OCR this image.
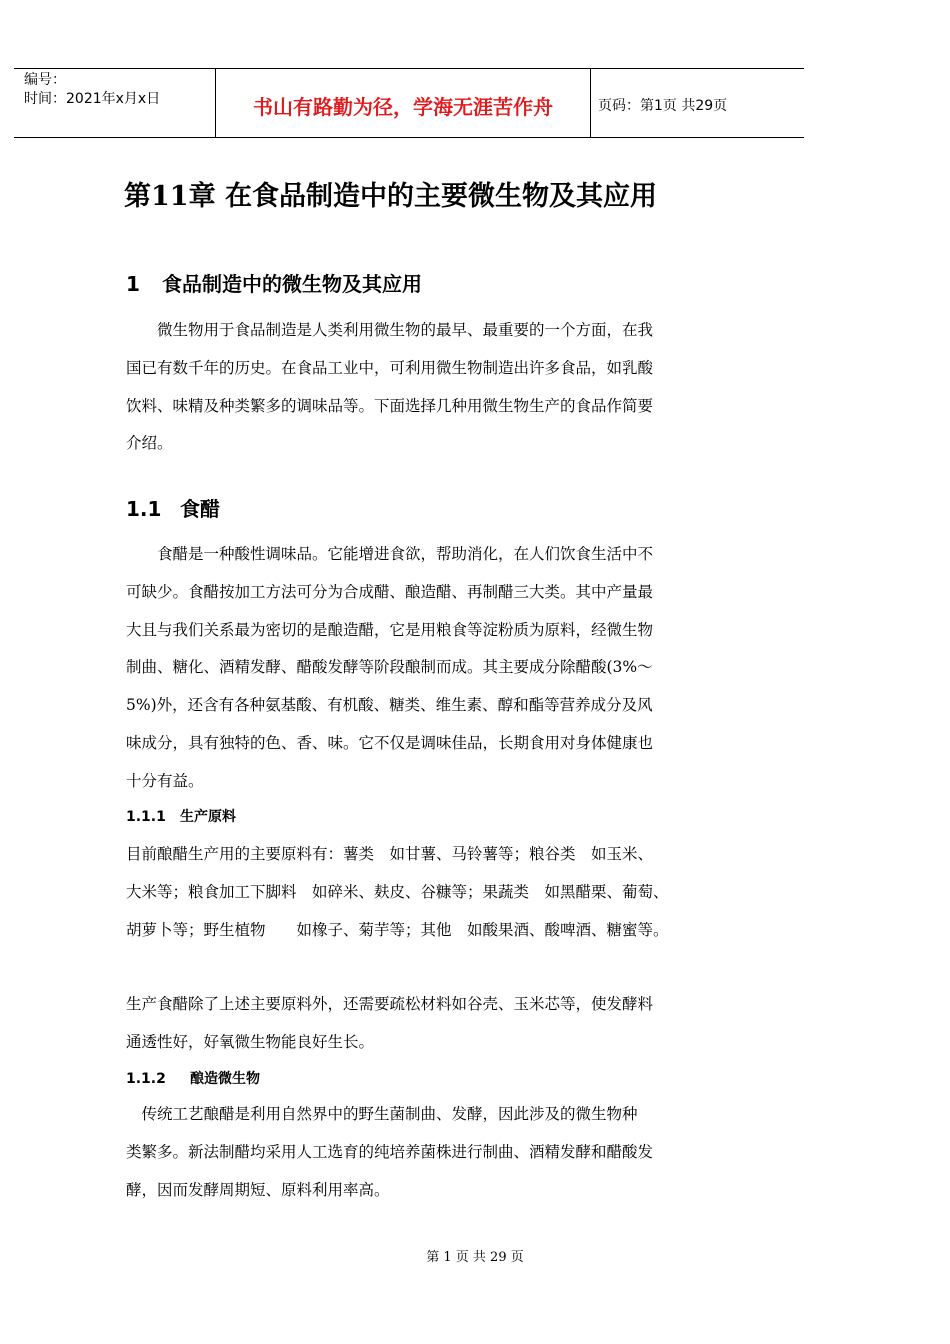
编号：
时间：2021年x月x日	书山有路勤为径，学海无涯苦作舟	页码：第1页 共29页
第11章 在食品制造中的主要微生物及其应用
1 食品制造中的微生物及其应用
　　微生物用于食品制造是人类利用微生物的最早、最重要的一个方面，在我
国已有数千年的历史。在食品工业中，可利用微生物制造出许多食品，如乳酸
饮料、味精及种类繁多的调味品等。下面选择几种用微生物生产的食品作简要
介绍。
1.1 食醋
　　食醋是一种酸性调味品。它能增进食欲，帮助消化，在人们饮食生活中不
可缺少。食醋按加工方法可分为合成醋、酿造醋、再制醋三大类。其中产量最
大且与我们关系最为密切的是酿造醋，它是用粮食等淀粉质为原料，经微生物
制曲、糖化、酒精发酵、醋酸发酵等阶段酿制而成。其主要成分除醋酸(3%～
5%)外，还含有各种氨基酸、有机酸、糖类、维生素、醇和酯等营养成分及风
味成分，具有独特的色、香、味。它不仅是调味佳品，长期食用对身体健康也
十分有益。
1.1.1 生产原料
目前酿醋生产用的主要原料有：薯类　如甘薯、马铃薯等；粮谷类　如玉米、
大米等；粮食加工下脚料　如碎米、麸皮、谷糠等；果蔬类　如黑醋栗、葡萄、
胡萝卜等；野生植物　　如橡子、菊芋等；其他　如酸果酒、酸啤酒、糖蜜等。
生产食醋除了上述主要原料外，还需要疏松材料如谷壳、玉米芯等，使发酵料
通透性好，好氧微生物能良好生长。
1.1.2 酿造微生物
　传统工艺酿醋是利用自然界中的野生菌制曲、发酵，因此涉及的微生物种
类繁多。新法制醋均采用人工选育的纯培养菌株进行制曲、酒精发酵和醋酸发
酵，因而发酵周期短、原料利用率高。
第 1 页 共 29 页
